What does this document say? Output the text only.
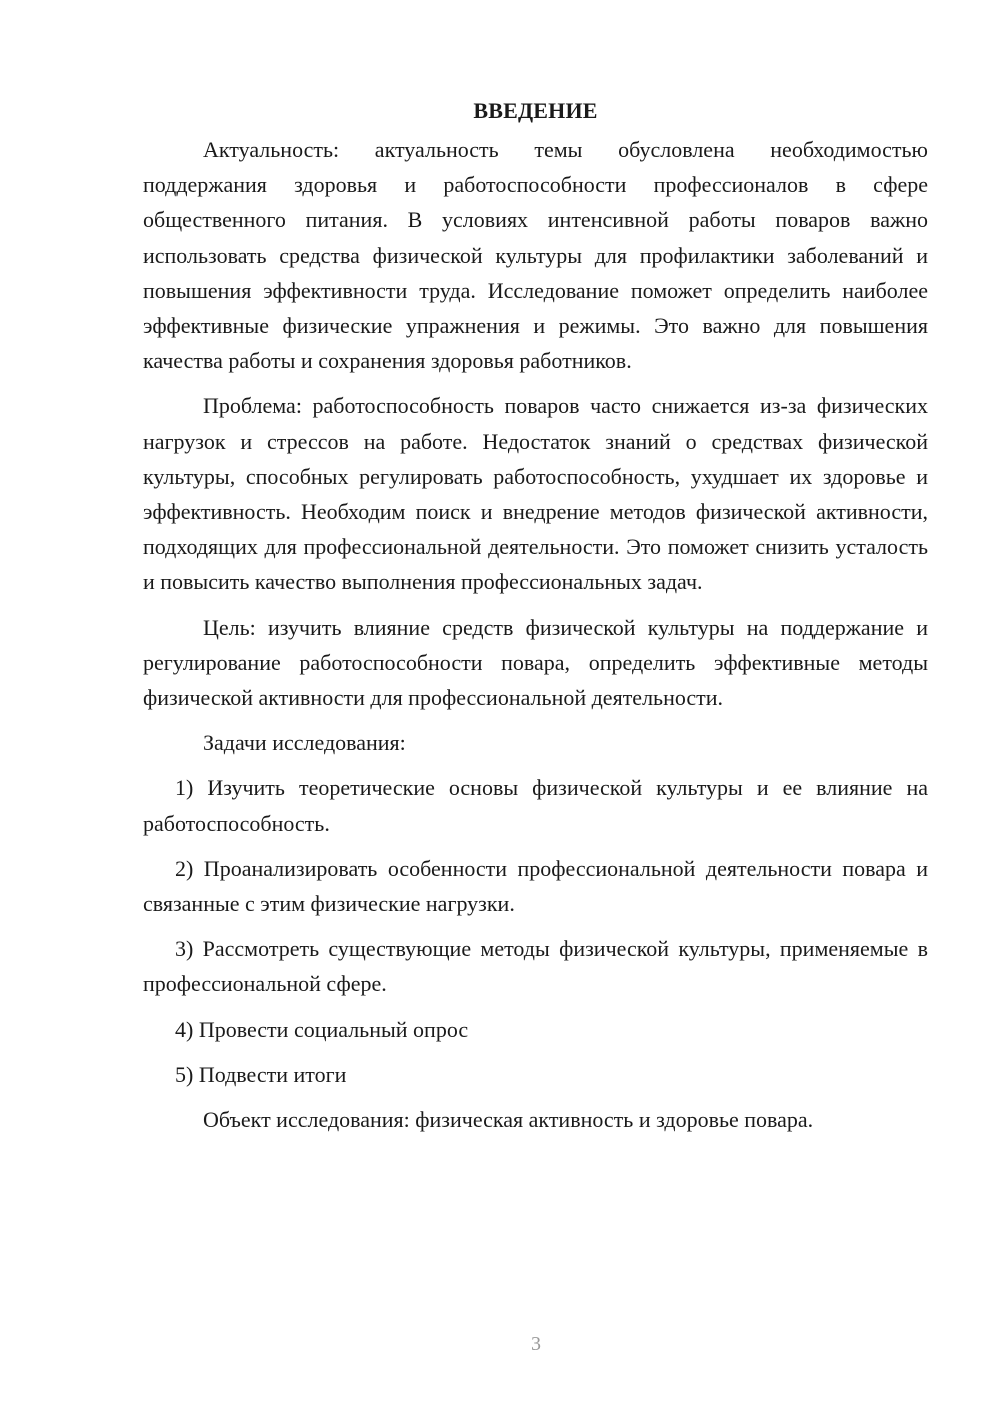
ВВЕДЕНИЕ

Актуальность: актуальность темы обусловлена необходимостью поддержания здоровья и работоспособности профессионалов в сфере общественного питания. В условиях интенсивной работы поваров важно использовать средства физической культуры для профилактики заболеваний и повышения эффективности труда. Исследование поможет определить наиболее эффективные физические упражнения и режимы. Это важно для повышения качества работы и сохранения здоровья работников.

Проблема: работоспособность поваров часто снижается из-за физических нагрузок и стрессов на работе. Недостаток знаний о средствах физической культуры, способных регулировать работоспособность, ухудшает их здоровье и эффективность. Необходим поиск и внедрение методов физической активности, подходящих для профессиональной деятельности. Это поможет снизить усталость и повысить качество выполнения профессиональных задач.

Цель: изучить влияние средств физической культуры на поддержание и регулирование работоспособности повара, определить эффективные методы физической активности для профессиональной деятельности.

Задачи исследования:

1) Изучить теоретические основы физической культуры и ее влияние на работоспособность.

2) Проанализировать особенности профессиональной деятельности повара и связанные с этим физические нагрузки.

3) Рассмотреть существующие методы физической культуры, применяемые в профессиональной сфере.

4) Провести социальный опрос

5) Подвести итоги

Объект исследования: физическая активность и здоровье повара.

3
